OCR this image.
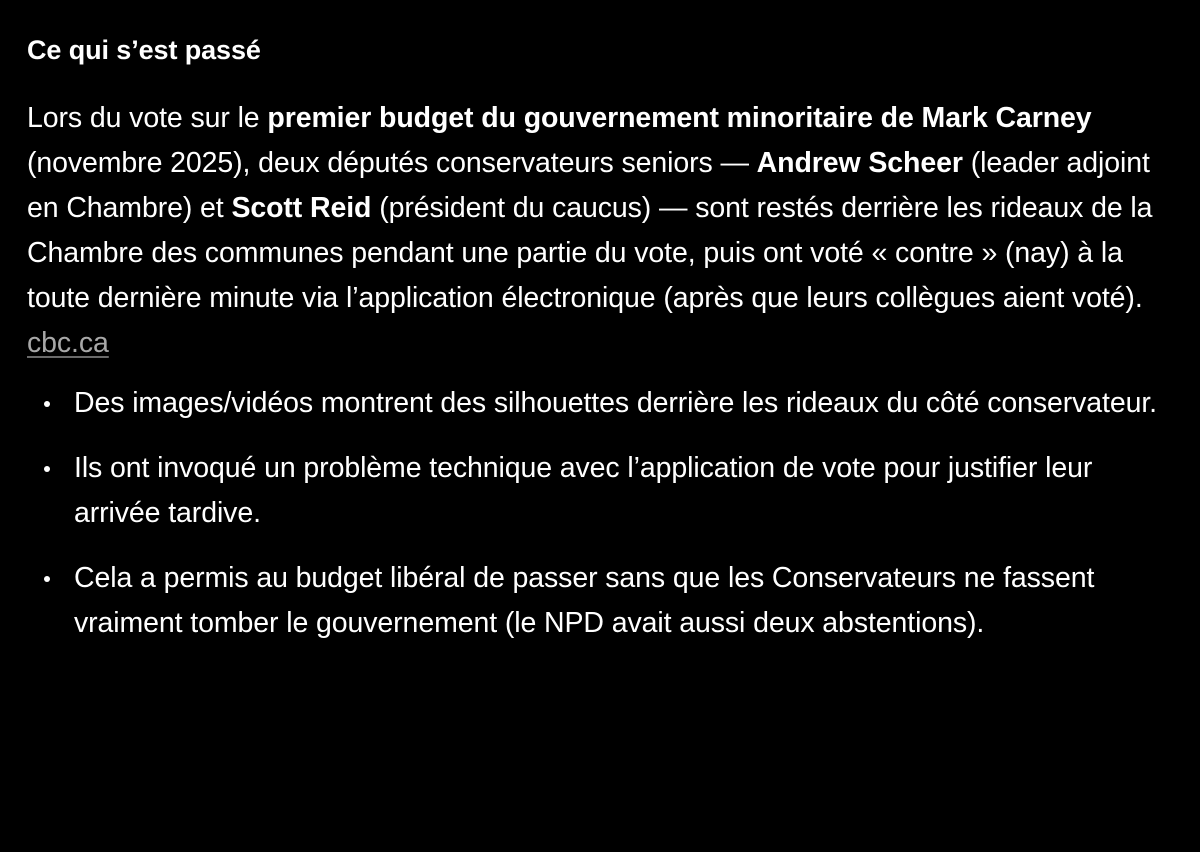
Ce qui s’est passé

Lors du vote sur le premier budget du gouvernement minoritaire de Mark Carney (novembre 2025), deux députés conservateurs seniors — Andrew Scheer (leader adjoint en Chambre) et Scott Reid (président du caucus) — sont restés derrière les rideaux de la Chambre des communes pendant une partie du vote, puis ont voté « contre » (nay) à la toute dernière minute via l’application électronique (après que leurs collègues aient voté). cbc.ca

Des images/vidéos montrent des silhouettes derrière les rideaux du côté conservateur.
Ils ont invoqué un problème technique avec l’application de vote pour justifier leur arrivée tardive.
Cela a permis au budget libéral de passer sans que les Conservateurs ne fassent vraiment tomber le gouvernement (le NPD avait aussi deux abstentions).
